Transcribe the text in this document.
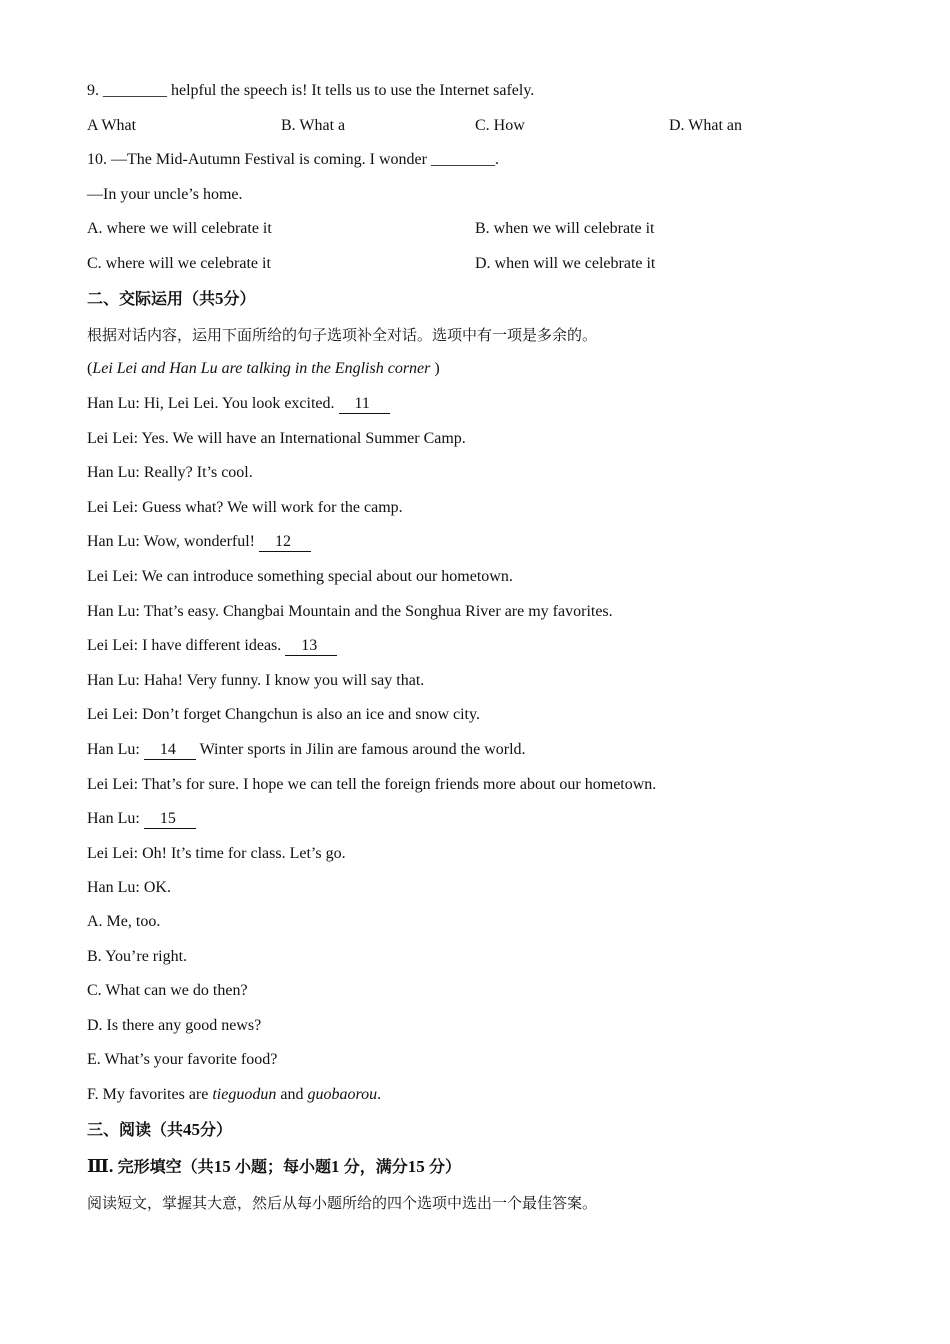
9. ________ helpful the speech is! It tells us to use the Internet safely.
A What	B. What a	C. How	D. What an
10. —The Mid-Autumn Festival is coming. I wonder ________.
—In your uncle’s home.
A. where we will celebrate it	B. when we will celebrate it
C. where will we celebrate it	D. when will we celebrate it
二、交际运用（共5分）
根据对话内容，运用下面所给的句子选项补全对话。选项中有一项是多余的。
(Lei Lei and Han Lu are talking in the English corner )
Han Lu: Hi, Lei Lei. You look excited. 11
Lei Lei: Yes. We will have an International Summer Camp.
Han Lu: Really? It’s cool.
Lei Lei: Guess what? We will work for the camp.
Han Lu: Wow, wonderful! 12
Lei Lei: We can introduce something special about our hometown.
Han Lu: That’s easy. Changbai Mountain and the Songhua River are my favorites.
Lei Lei: I have different ideas. 13
Han Lu: Haha! Very funny. I know you will say that.
Lei Lei: Don’t forget Changchun is also an ice and snow city.
Han Lu: 14 Winter sports in Jilin are famous around the world.
Lei Lei: That’s for sure. I hope we can tell the foreign friends more about our hometown.
Han Lu: 15
Lei Lei: Oh! It’s time for class. Let’s go.
Han Lu: OK.
A. Me, too.
B. You’re right.
C. What can we do then?
D. Is there any good news?
E. What’s your favorite food?
F. My favorites are tieguodun and guobaorou.
三、阅读（共45分）
Ⅲ. 完形填空（共15 小题；每小题1 分，满分15 分）
阅读短文，掌握其大意，然后从每小题所给的四个选项中选出一个最佳答案。
